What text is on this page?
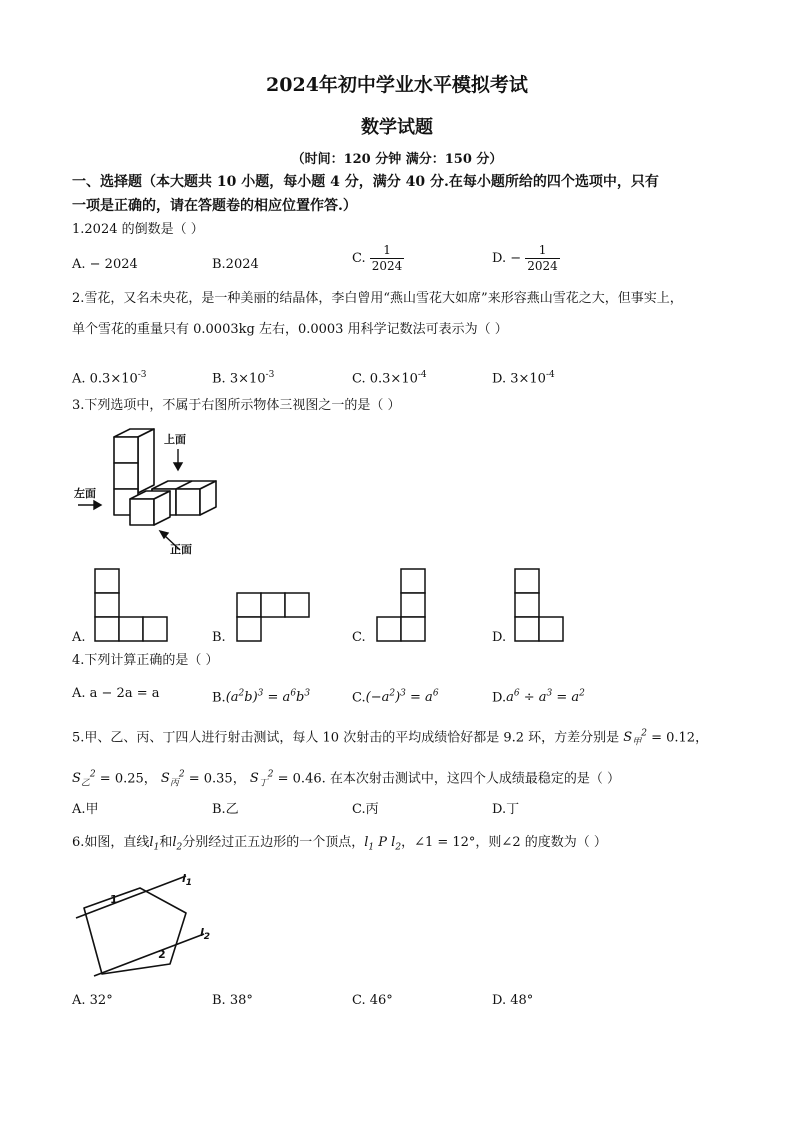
2024年初中学业水平模拟考试
数学试题
（时间：120 分钟 满分：150 分）
一、选择题（本大题共 10 小题，每小题 4 分，满分 40 分.在每小题所给的四个选项中，只有
一项是正确的，请在答题卷的相应位置作答.）
1.2024 的倒数是（ ）
A. − 2024	B.2024	C. $\frac{1}{2024}$	D. − $\frac{1}{2024}$
2.雪花，又名未央花，是一种美丽的结晶体，李白曾用“燕山雪花大如席”来形容燕山雪花之大，但事实上，
单个雪花的重量只有 0.0003kg 左右，0.0003 用科学记数法可表示为（ ）
A. $0.3\times 10^{-3}$	B. $3\times 10^{-3}$	C. $0.3\times 10^{-4}$	D. $3\times 10^{-4}$
3.下列选项中，不属于右图所示物体三视图之一的是（ ）
上面
左面
正面
A.	B.	C.	D.
4.下列计算正确的是（ ）
A. a − 2a = a	$B.(a^2b)^3 = a^6b^3$	$C.(-a^2)^3 = a^6$	$D.a^6 \div a^3 = a^2$
5.甲、乙、丙、丁四人进行射击测试，每人 10 次射击的平均成绩恰好都是 9.2 环，方差分别是 $S_甲^2 = 0.12$，
$S_乙^2 = 0.25$， $S_丙^2 = 0.35$， $S_丁^2 = 0.46$. 在本次射击测试中，这四个人成绩最稳定的是（ ）
A.甲	B.乙	C.丙	D.丁
6.如图，直线$l_1$和$l_2$分别经过正五边形的一个顶点，$l_1$ P $l_2$，∠1 = 12°，则∠2 的度数为（ ）
$l_1$
$l_2$
1
2
A. 32°	B. 38°	C. 46°	D. 48°
